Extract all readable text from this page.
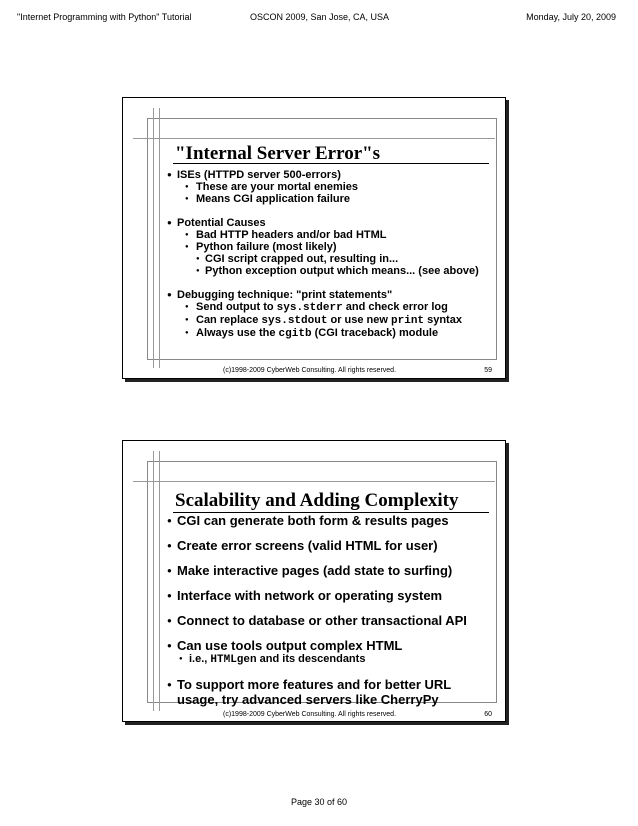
"Internet Programming with Python" Tutorial	OSCON 2009, San Jose, CA, USA	Monday, July 20, 2009
"Internal Server Error"s
● ISEs (HTTPD server 500-errors)
● These are your mortal enemies
● Means CGI application failure
● Potential Causes
● Bad HTTP headers and/or bad HTML
● Python failure (most likely)
● CGI script crapped out, resulting in...
● Python exception output which means... (see above)
● Debugging technique: "print statements"
● Send output to sys.stderr and check error log
● Can replace sys.stdout or use new print syntax
● Always use the cgitb (CGI traceback) module
(c)1998-2009 CyberWeb Consulting. All rights reserved.	59
Scalability and Adding Complexity
● CGI can generate both form & results pages
● Create error screens (valid HTML for user)
● Make interactive pages (add state to surfing)
● Interface with network or operating system
● Connect to database or other transactional API
● Can use tools output complex HTML
● i.e., HTMLgen and its descendants
● To support more features and for better URL
usage, try advanced servers like CherryPy
(c)1998-2009 CyberWeb Consulting. All rights reserved.	60
Page 30 of 60
